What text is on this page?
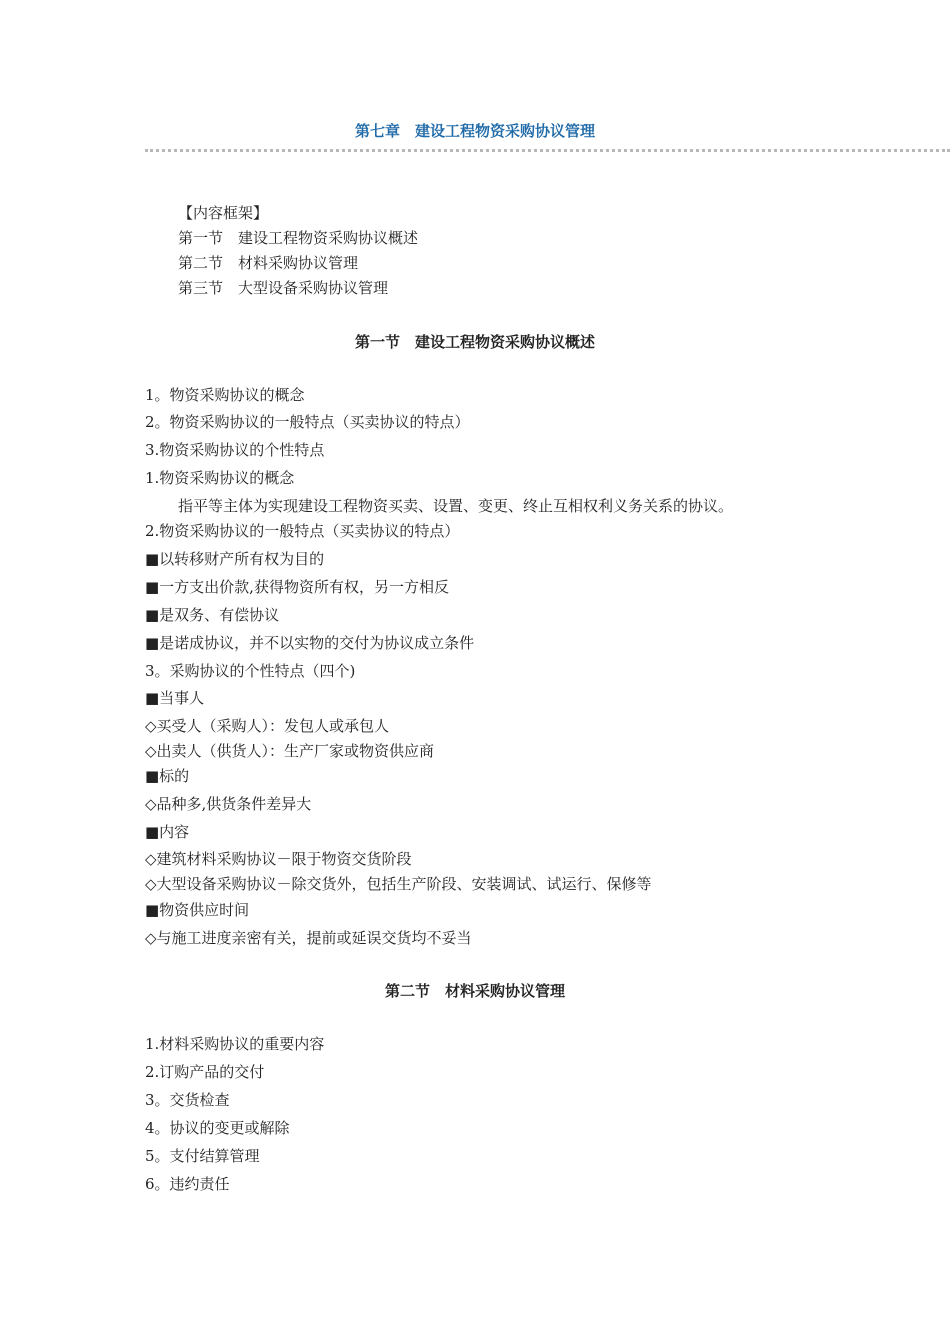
第七章　建设工程物资采购协议管理
【内容框架】
第一节　建设工程物资采购协议概述
第二节　材料采购协议管理
第三节　大型设备采购协议管理
第一节　建设工程物资采购协议概述
1。物资采购协议的概念
2。物资采购协议的一般特点（买卖协议的特点）
3.物资采购协议的个性特点
1.物资采购协议的概念
指平等主体为实现建设工程物资买卖、设置、变更、终止互相权利义务关系的协议。
2.物资采购协议的一般特点（买卖协议的特点）
■以转移财产所有权为目的
■一方支出价款,获得物资所有权，另一方相反
■是双务、有偿协议
■是诺成协议，并不以实物的交付为协议成立条件
3。采购协议的个性特点（四个)
■当事人
◇买受人（采购人）：发包人或承包人
◇出卖人（供货人）：生产厂家或物资供应商
■标的
◇品种多,供货条件差异大
■内容
◇建筑材料采购协议－限于物资交货阶段
◇大型设备采购协议－除交货外，包括生产阶段、安装调试、试运行、保修等
■物资供应时间
◇与施工进度亲密有关，提前或延误交货均不妥当
第二节　材料采购协议管理
1.材料采购协议的重要内容
2.订购产品的交付
3。交货检查
4。协议的变更或解除
5。支付结算管理
6。违约责任
